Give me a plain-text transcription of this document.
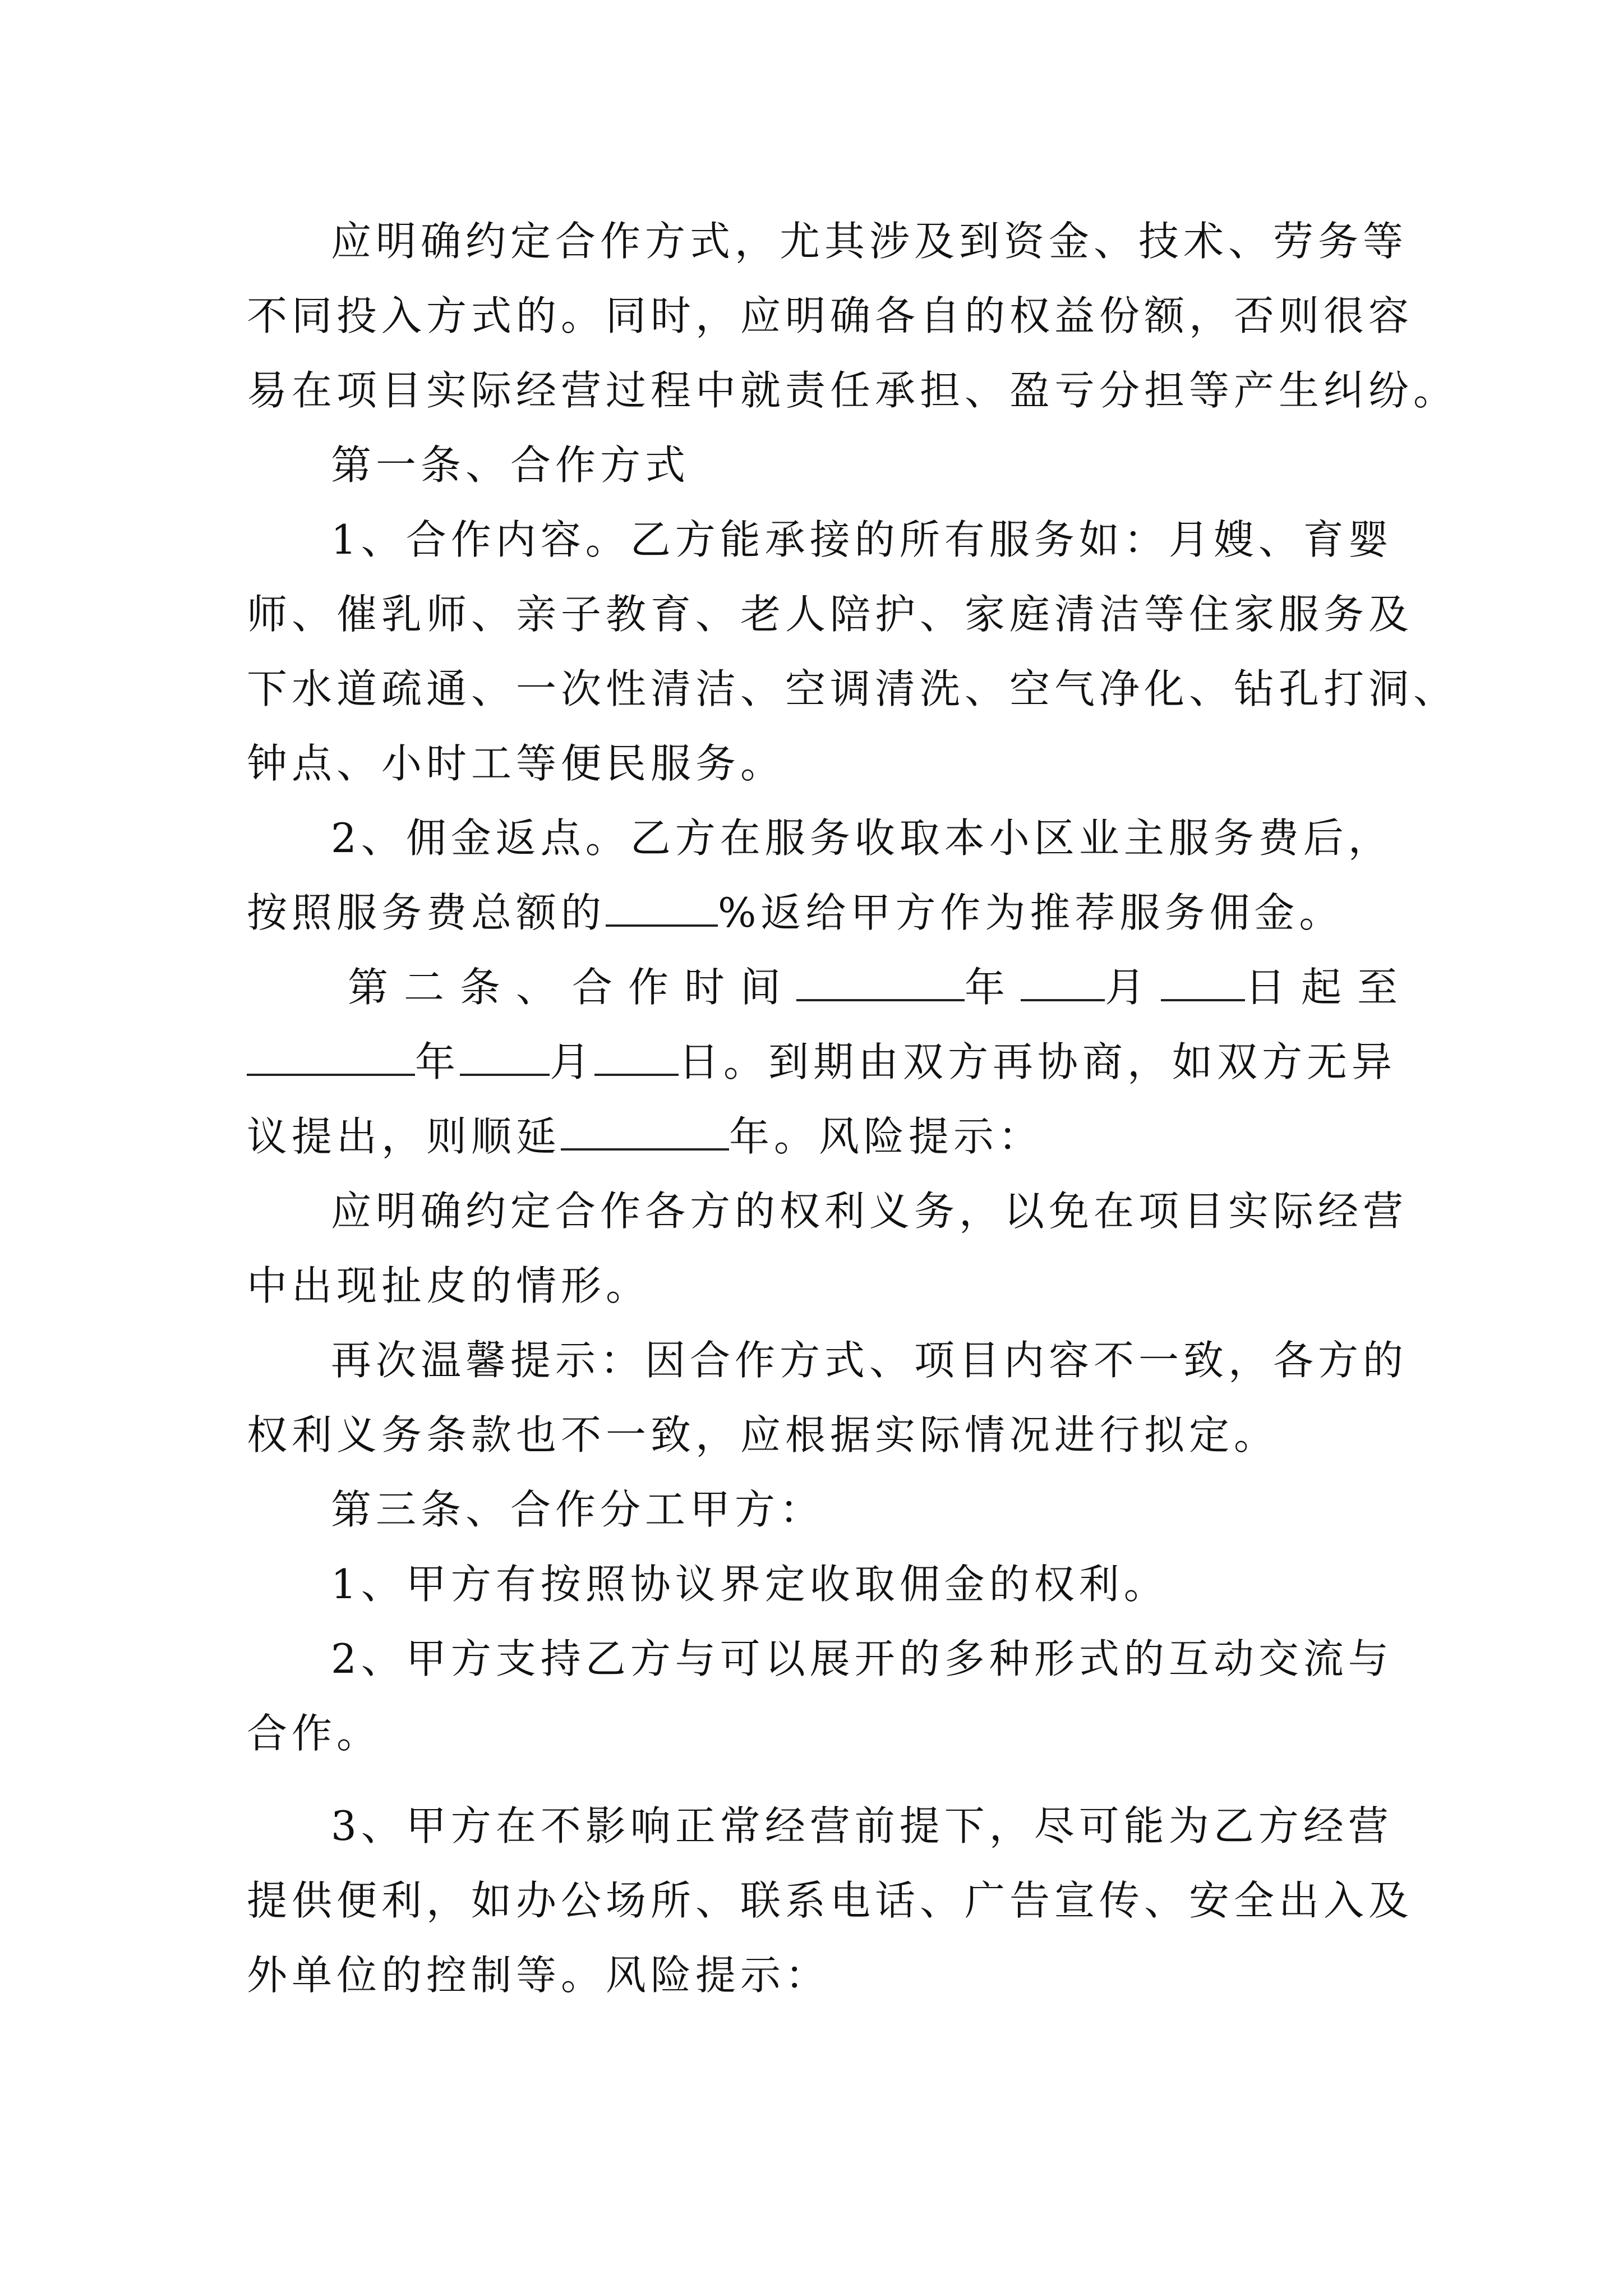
应明确约定合作方式，尤其涉及到资金、技术、劳务等
不同投入方式的。同时，应明确各自的权益份额，否则很容
易在项目实际经营过程中就责任承担、盈亏分担等产生纠纷。
第一条、合作方式
1、合作内容。乙方能承接的所有服务如：月嫂、育婴
师、催乳师、亲子教育、老人陪护、家庭清洁等住家服务及
下水道疏通、一次性清洁、空调清洗、空气净化、钻孔打洞、
钟点、小时工等便民服务。
2、佣金返点。乙方在服务收取本小区业主服务费后，
按照服务费总额的	%返给甲方作为推荐服务佣金。
第二条、合作时间	年 月 日起至
年 月 日。到期由双方再协商，如双方无异
议提出，则顺延	年。风险提示：
应明确约定合作各方的权利义务，以免在项目实际经营
中出现扯皮的情形。
再次温馨提示：因合作方式、项目内容不一致，各方的
权利义务条款也不一致，应根据实际情况进行拟定。
第三条、合作分工甲方：
1、甲方有按照协议界定收取佣金的权利。
2、甲方支持乙方与可以展开的多种形式的互动交流与
合作。
3、甲方在不影响正常经营前提下，尽可能为乙方经营
提供便利，如办公场所、联系电话、广告宣传、安全出入及
外单位的控制等。风险提示：
